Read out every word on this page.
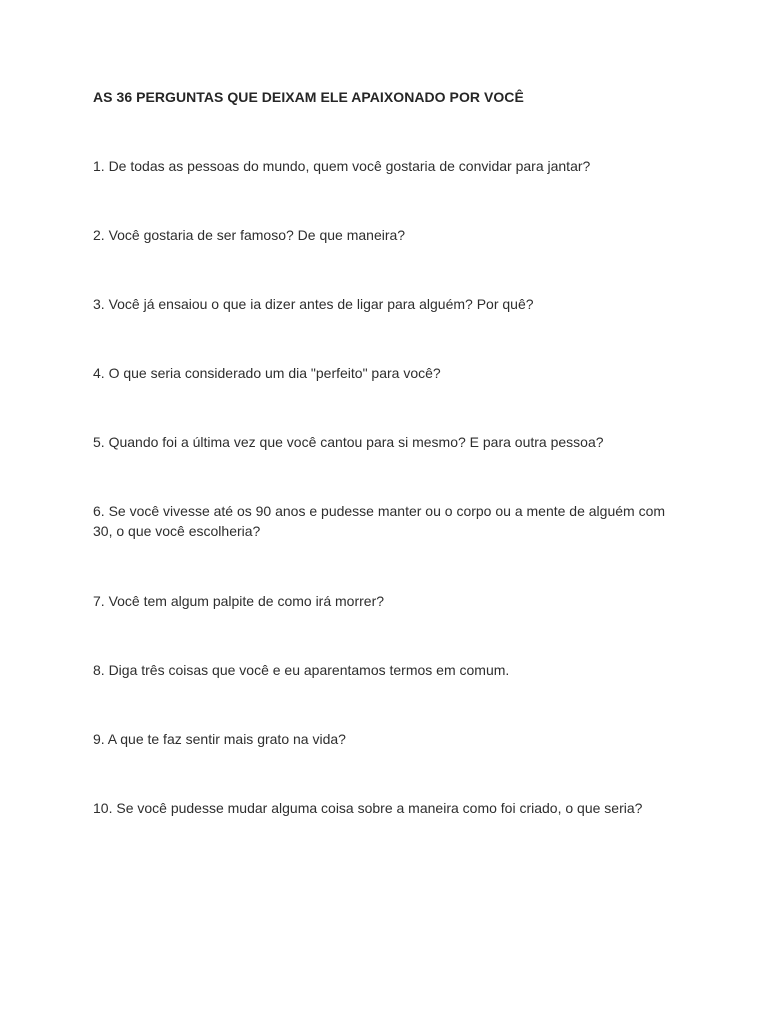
AS 36 PERGUNTAS QUE DEIXAM ELE APAIXONADO POR VOCÊ

1. De todas as pessoas do mundo, quem você gostaria de convidar para jantar?

2. Você gostaria de ser famoso? De que maneira?

3. Você já ensaiou o que ia dizer antes de ligar para alguém? Por quê?

4. O que seria considerado um dia "perfeito" para você?

5. Quando foi a última vez que você cantou para si mesmo? E para outra pessoa?

6. Se você vivesse até os 90 anos e pudesse manter ou o corpo ou a mente de alguém com 30, o que você escolheria?

7. Você tem algum palpite de como irá morrer?

8. Diga três coisas que você e eu aparentamos termos em comum.

9. A que te faz sentir mais grato na vida?

10. Se você pudesse mudar alguma coisa sobre a maneira como foi criado, o que seria?
